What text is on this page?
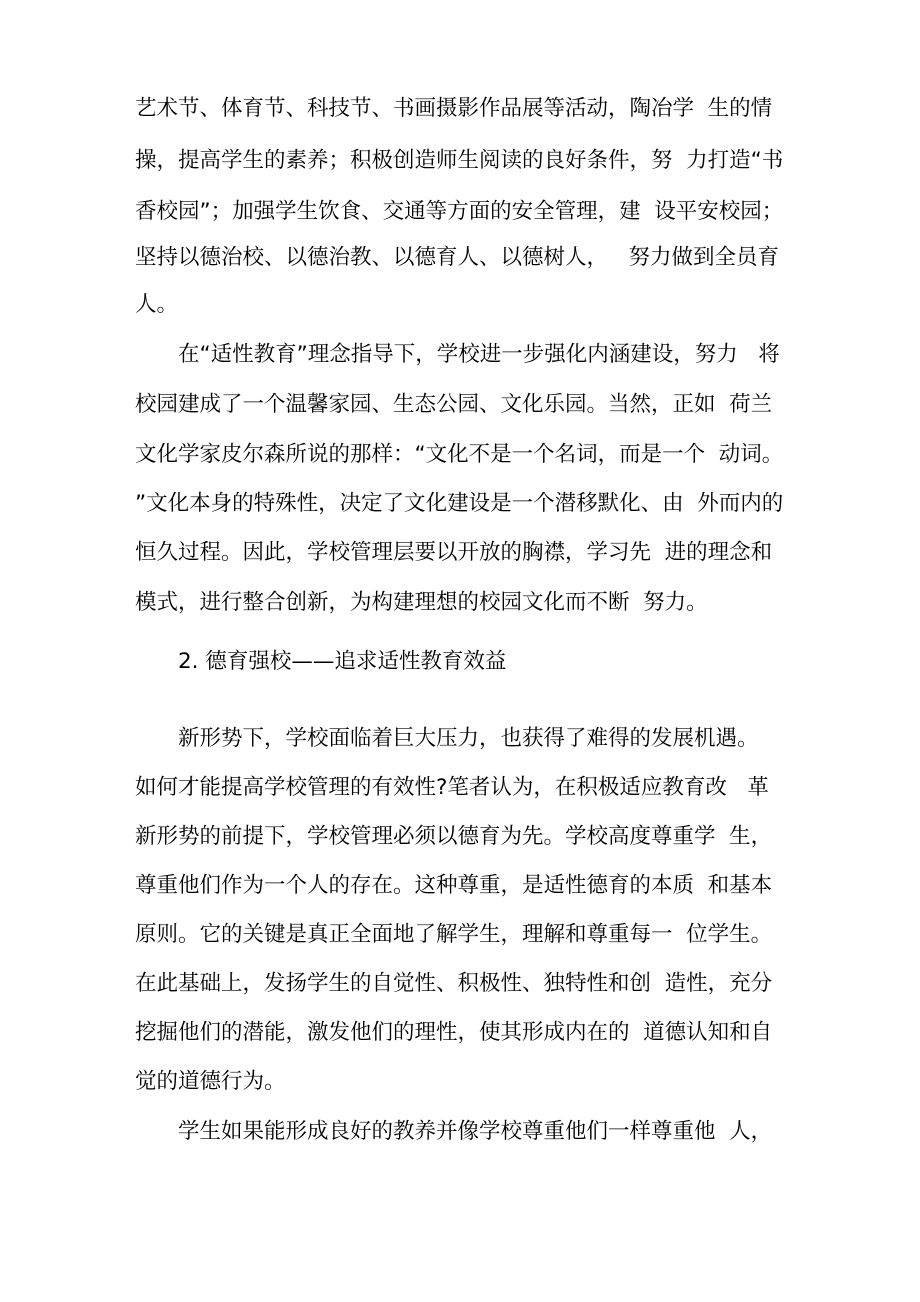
艺术节、体育节、科技节、书画摄影作品展等活动，陶冶学  生的情
操，提高学生的素养；积极创造师生阅读的良好条件，努  力打造“书
香校园”；加强学生饮食、交通等方面的安全管理，建  设平安校园；
坚持以德治校、以德治教、以德育人、以德树人，   努力做到全员育
人。
在“适性教育”理念指导下，学校进一步强化内涵建设，努力   将
校园建成了一个温馨家园、生态公园、文化乐园。当然，正如  荷兰
文化学家皮尔森所说的那样：“文化不是一个名词，而是一个  动词。
”文化本身的特殊性，决定了文化建设是一个潜移默化、由  外而内的
恒久过程。因此，学校管理层要以开放的胸襟，学习先  进的理念和
模式，进行整合创新，为构建理想的校园文化而不断  努力。
2. 德育强校——追求适性教育效益
新形势下，学校面临着巨大压力，也获得了难得的发展机遇。
如何才能提高学校管理的有效性?笔者认为，在积极适应教育改   革
新形势的前提下，学校管理必须以德育为先。学校高度尊重学  生，
尊重他们作为一个人的存在。这种尊重，是适性德育的本质  和基本
原则。它的关键是真正全面地了解学生，理解和尊重每一  位学生。
在此基础上，发扬学生的自觉性、积极性、独特性和创  造性，充分
挖掘他们的潜能，激发他们的理性，使其形成内在的  道德认知和自
觉的道德行为。
学生如果能形成良好的教养并像学校尊重他们一样尊重他  人，
